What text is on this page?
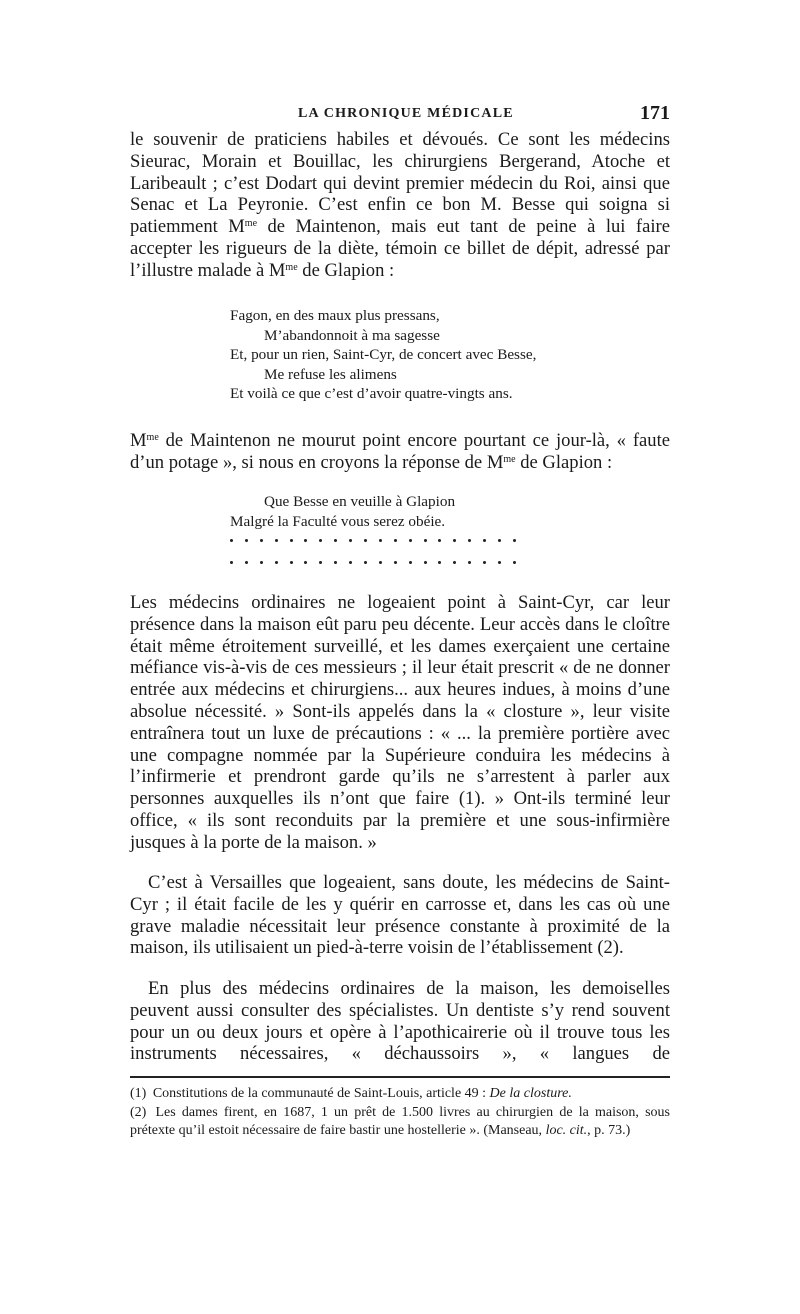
LA CHRONIQUE MÉDICALE	171

le souvenir de praticiens habiles et dévoués. Ce sont les médecins Sieurac, Morain et Bouillac, les chirurgiens Bergerand, Atoche et Laribeault ; c’est Dodart qui devint premier médecin du Roi, ainsi que Senac et La Peyronie. C’est enfin ce bon M. Besse qui soigna si patiemment $M^{me}$ de Maintenon, mais eut tant de peine à lui faire accepter les rigueurs de la diète, témoin ce billet de dépit, adressé par l’illustre malade à $M^{me}$ de Glapion :

Fagon, en des maux plus pressans,
M’abandonnoit à ma sagesse
Et, pour un rien, Saint-Cyr, de concert avec Besse,
Me refuse les alimens
Et voilà ce que c’est d’avoir quatre-vingts ans.

$M^{me}$ de Maintenon ne mourut point encore pourtant ce jour-là, « faute d’un potage », si nous en croyons la réponse de $M^{me}$ de Glapion :

Que Besse en veuille à Glapion
Malgré la Faculté vous serez obéie.

Les médecins ordinaires ne logeaient point à Saint-Cyr, car leur présence dans la maison eût paru peu décente. Leur accès dans le cloître était même étroitement surveillé, et les dames exerçaient une certaine méfiance vis-à-vis de ces messieurs ; il leur était prescrit « de ne donner entrée aux médecins et chirurgiens... aux heures indues, à moins d’une absolue nécessité. » Sont-ils appelés dans la « closture », leur visite entraînera tout un luxe de précautions : « ... la première portière avec une compagne nommée par la Supérieure conduira les médecins à l’infirmerie et prendront garde qu’ils ne s’arrestent à parler aux personnes auxquelles ils n’ont que faire (1). » Ont-ils terminé leur office, « ils sont reconduits par la première et une sous-infirmière jusques à la porte de la maison. »

C’est à Versailles que logeaient, sans doute, les médecins de Saint-Cyr ; il était facile de les y quérir en carrosse et, dans les cas où une grave maladie nécessitait leur présence constante à proximité de la maison, ils utilisaient un pied-à-terre voisin de l’établissement (2).

En plus des médecins ordinaires de la maison, les demoiselles peuvent aussi consulter des spécialistes. Un dentiste s’y rend souvent pour un ou deux jours et opère à l’apothicairerie où il trouve tous les instruments nécessaires, « déchaussoirs », « langues de

(1) Constitutions de la communauté de Saint-Louis, article 49 : De la closture.

(2) Les dames firent, en 1687, 1 un prêt de 1.500 livres au chirurgien de la maison, sous prétexte qu’il estoit nécessaire de faire bastir une hostellerie ». (Manseau, loc. cit., p. 73.)
